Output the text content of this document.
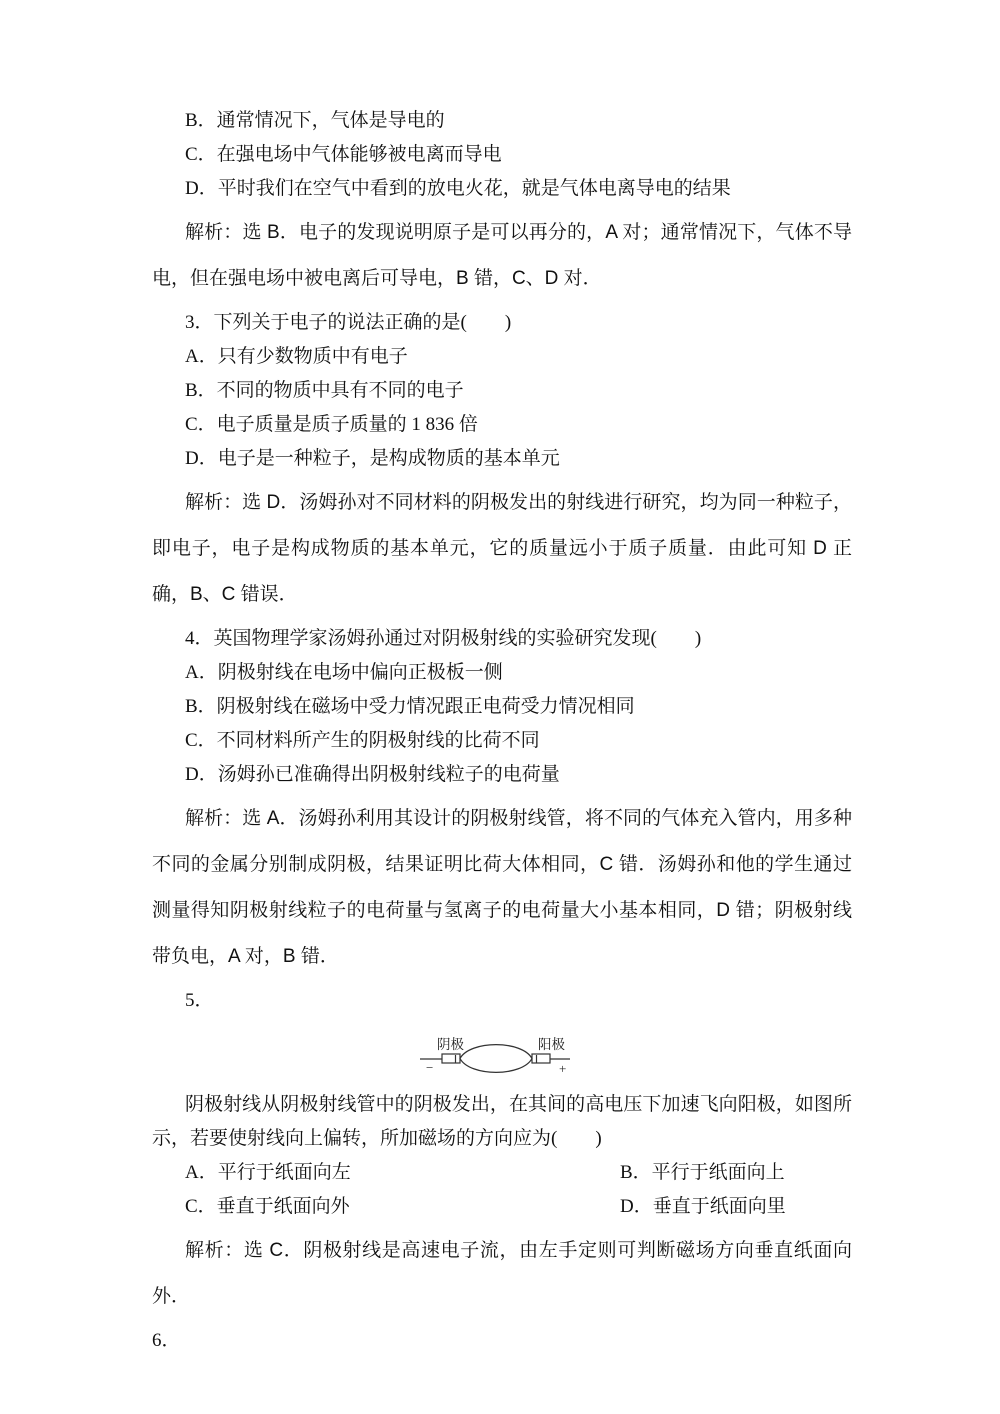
B．通常情况下，气体是导电的
C．在强电场中气体能够被电离而导电
D．平时我们在空气中看到的放电火花，就是气体电离导电的结果

解析：选 B．电子的发现说明原子是可以再分的，A 对；通常情况下，气体不导电，但在强电场中被电离后可导电，B 错，C、D 对．

3．下列关于电子的说法正确的是(　　)
A．只有少数物质中有电子
B．不同的物质中具有不同的电子
C．电子质量是质子质量的 1 836 倍
D．电子是一种粒子，是构成物质的基本单元

解析：选 D．汤姆孙对不同材料的阴极发出的射线进行研究，均为同一种粒子，即电子，电子是构成物质的基本单元，它的质量远小于质子质量．由此可知 D 正确，B、C 错误．

4．英国物理学家汤姆孙通过对阴极射线的实验研究发现(　　)
A．阴极射线在电场中偏向正极板一侧
B．阴极射线在磁场中受力情况跟正电荷受力情况相同
C．不同材料所产生的阴极射线的比荷不同
D．汤姆孙已准确得出阴极射线粒子的电荷量

解析：选 A．汤姆孙利用其设计的阴极射线管，将不同的气体充入管内，用多种不同的金属分别制成阴极，结果证明比荷大体相同，C 错．汤姆孙和他的学生通过测量得知阴极射线粒子的电荷量与氢离子的电荷量大小基本相同，D 错；阴极射线带负电，A 对，B 错．

5．
−	+
阴极	阳极

阴极射线从阴极射线管中的阴极发出，在其间的高电压下加速飞向阳极，如图所示，若要使射线向上偏转，所加磁场的方向应为(　　)

A．平行于纸面向左	B．平行于纸面向上
C．垂直于纸面向外	D．垂直于纸面向里

解析：选 C．阴极射线是高速电子流，由左手定则可判断磁场方向垂直纸面向外．

6．
